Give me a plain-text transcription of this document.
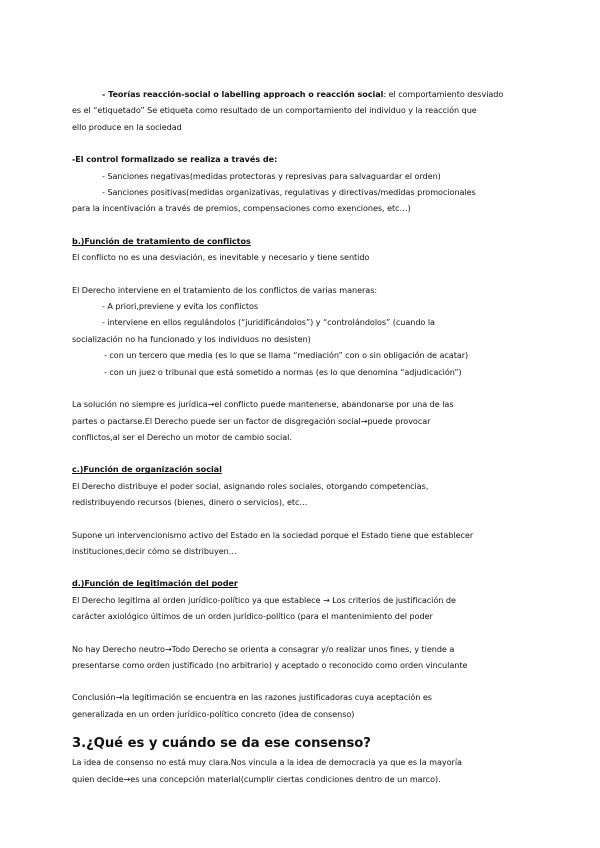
- Teorías reacción-social o labelling approach o reacción social: el comportamiento desviado

es el “etiquetado” Se etiqueta como resultado de un comportamiento del individuo y la reacción que

ello produce en la sociedad

-El control formalizado se realiza a través de:

- Sanciones negativas(medidas protectoras y represivas para salvaguardar el orden)

- Sanciones positivas(medidas organizativas, regulativas y directivas/medidas promocionales

para la incentivación a través de premios, compensaciones como exenciones, etc…)

b.)Función de tratamiento de conflictos

El conflicto no es una desviación, es inevitable y necesario y tiene sentido

El Derecho interviene en el tratamiento de los conflictos de varias maneras:

- A priori,previene y evita los conflictos

- interviene en ellos regulándolos (“juridificándolos”) y “controlándolos” (cuando la

socialización no ha funcionado y los individuos no desisten)

- con un tercero que media (es lo que se llama “mediación” con o sin obligación de acatar)

- con un juez o tribunal que está sometido a normas (es lo que denomina “adjudicación”)

La solución no siempre es jurídica→el conflicto puede mantenerse, abandonarse por una de las

partes o pactarse.El Derecho puede ser un factor de disgregación social→puede provocar

conflictos,al ser el Derecho un motor de cambio social.

c.)Función de organización social

El Derecho distribuye el poder social, asignando roles sociales, otorgando competencias,

redistribuyendo recursos (bienes, dinero o servicios), etc…

Supone un intervencionismo activo del Estado en la sociedad porque el Estado tiene que establecer

instituciones,decir cómo se distribuyen…

d.)Función de legitimación del poder

El Derecho legitima al orden jurídico-político ya que establece → Los criterios de justificación de

carácter axiológico últimos de un orden jurídico-político (para el mantenimiento del poder

No hay Derecho neutro→Todo Derecho se orienta a consagrar y/o realizar unos fines, y tiende a

presentarse como orden justificado (no arbitrario) y aceptado o reconocido como orden vinculante

Conclusión→la legitimación se encuentra en las razones justificadoras cuya aceptación es

generalizada en un orden jurídico-político concreto (idea de consenso)

3.¿Qué es y cuándo se da ese consenso?

La idea de consenso no está muy clara.Nos vincula a la idea de democracia ya que es la mayoría

quien decide→es una concepción material(cumplir ciertas condiciones dentro de un marco).
